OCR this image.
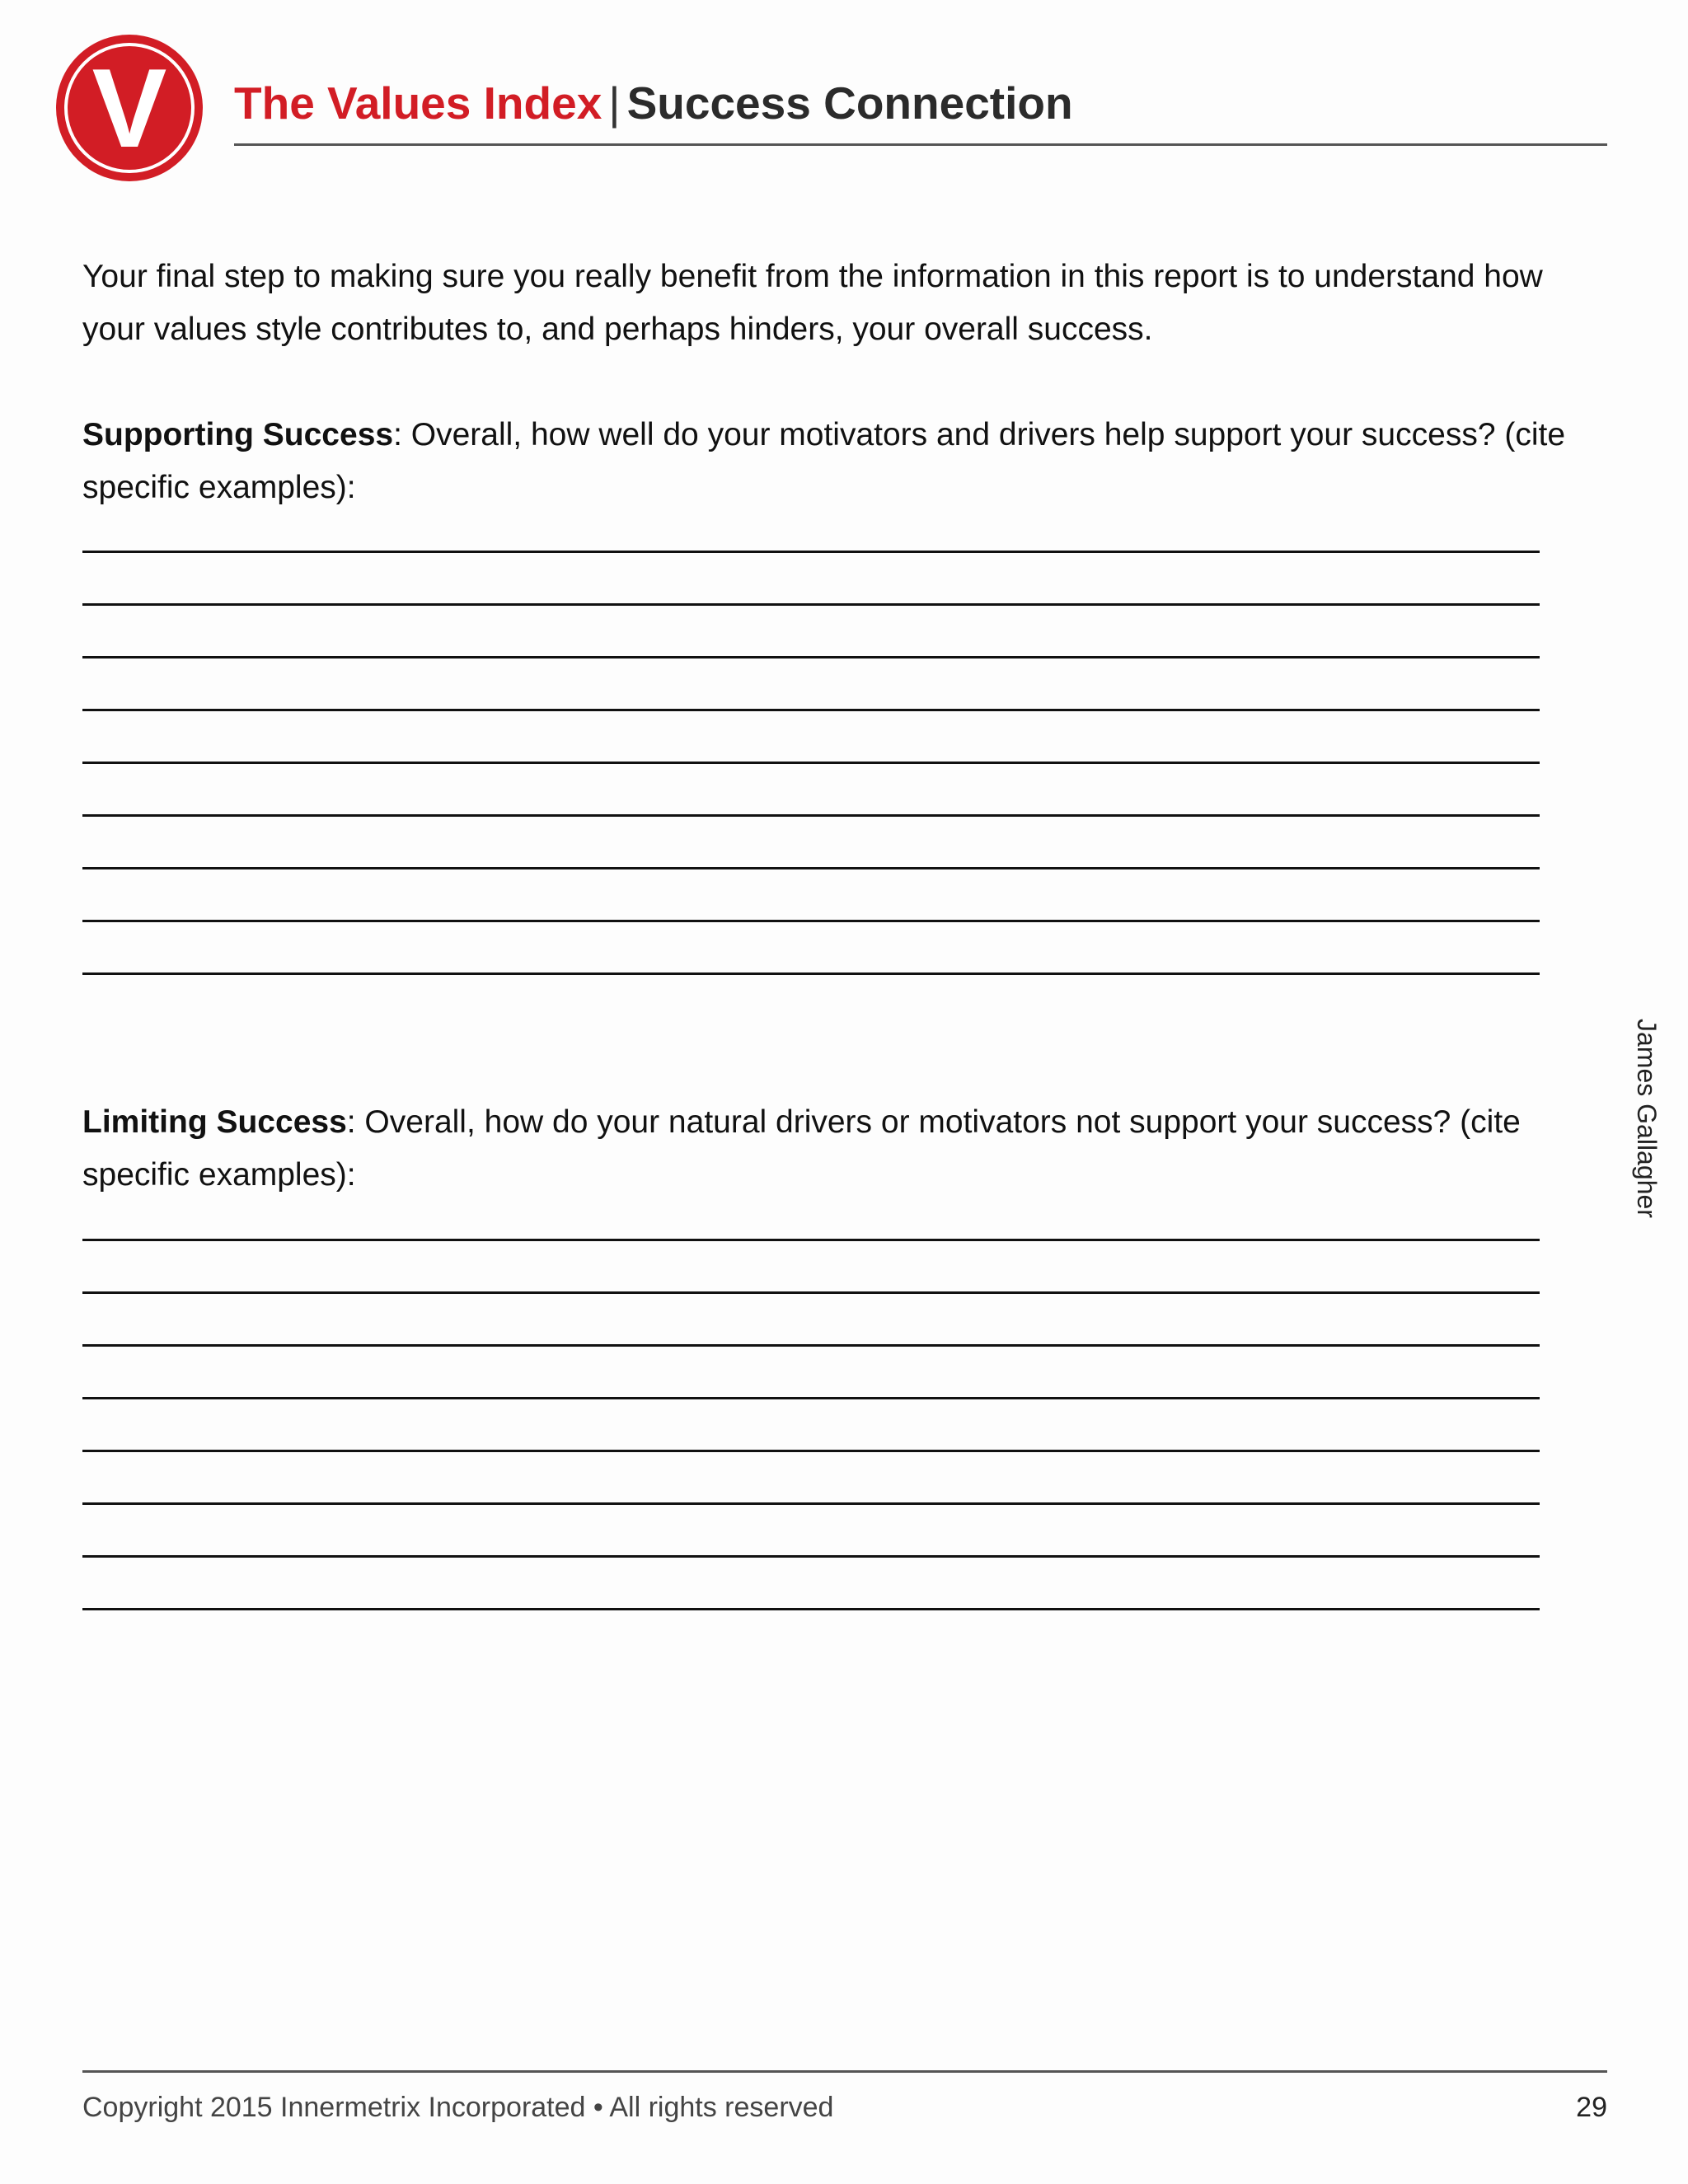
V	The Values Index | Success Connection
Your final step to making sure you really benefit from the information in this report is to understand how your values style contributes to, and perhaps hinders, your overall success.
Supporting Success: Overall, how well do your motivators and drivers help support your success? (cite specific examples):
Limiting Success: Overall, how do your natural drivers or motivators not support your success? (cite specific examples):	James Gallagher
Copyright 2015 Innermetrix Incorporated • All rights reserved	29
